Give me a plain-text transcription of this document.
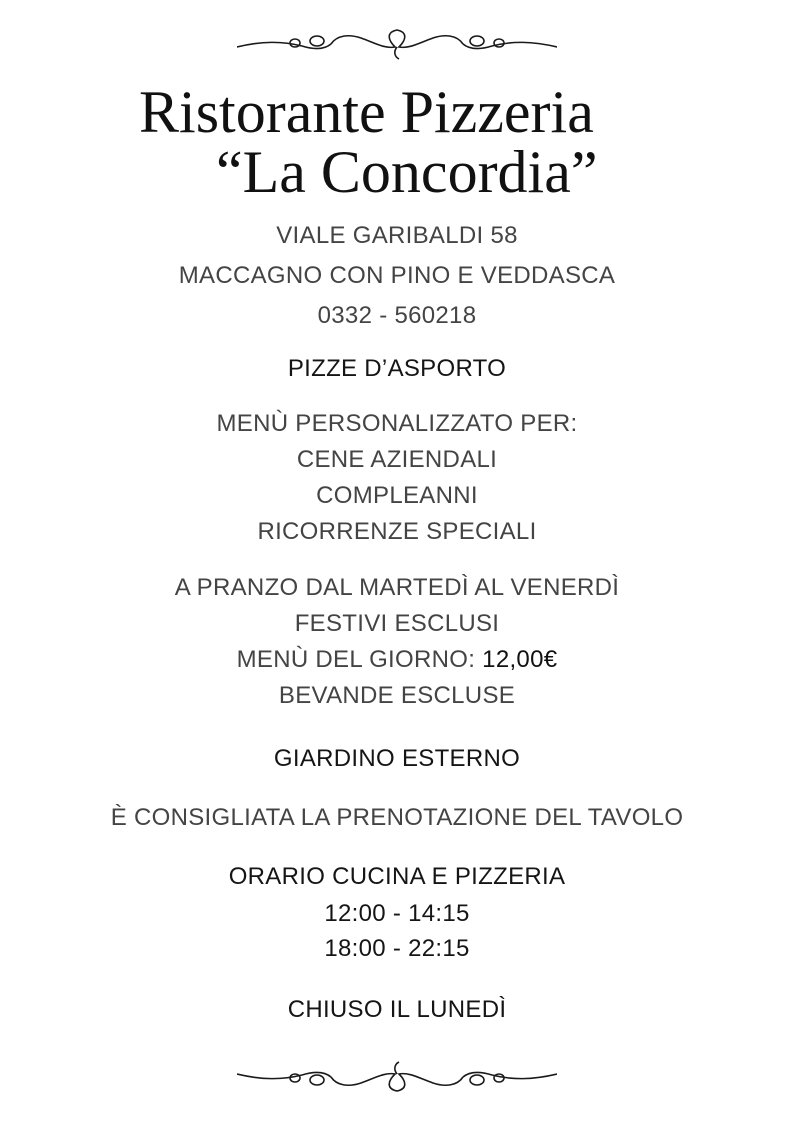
Ristorante Pizzeria
“La Concordia”
VIALE GARIBALDI 58
MACCAGNO CON PINO E VEDDASCA
0332 - 560218
PIZZE D’ASPORTO
MENÙ PERSONALIZZATO PER:
CENE AZIENDALI
COMPLEANNI
RICORRENZE SPECIALI
A PRANZO DAL MARTEDÌ AL VENERDÌ
FESTIVI ESCLUSI
MENÙ DEL GIORNO: 12,00€
BEVANDE ESCLUSE
GIARDINO ESTERNO
È CONSIGLIATA LA PRENOTAZIONE DEL TAVOLO
ORARIO CUCINA E PIZZERIA
12:00 - 14:15
18:00 - 22:15
CHIUSO IL LUNEDÌ
